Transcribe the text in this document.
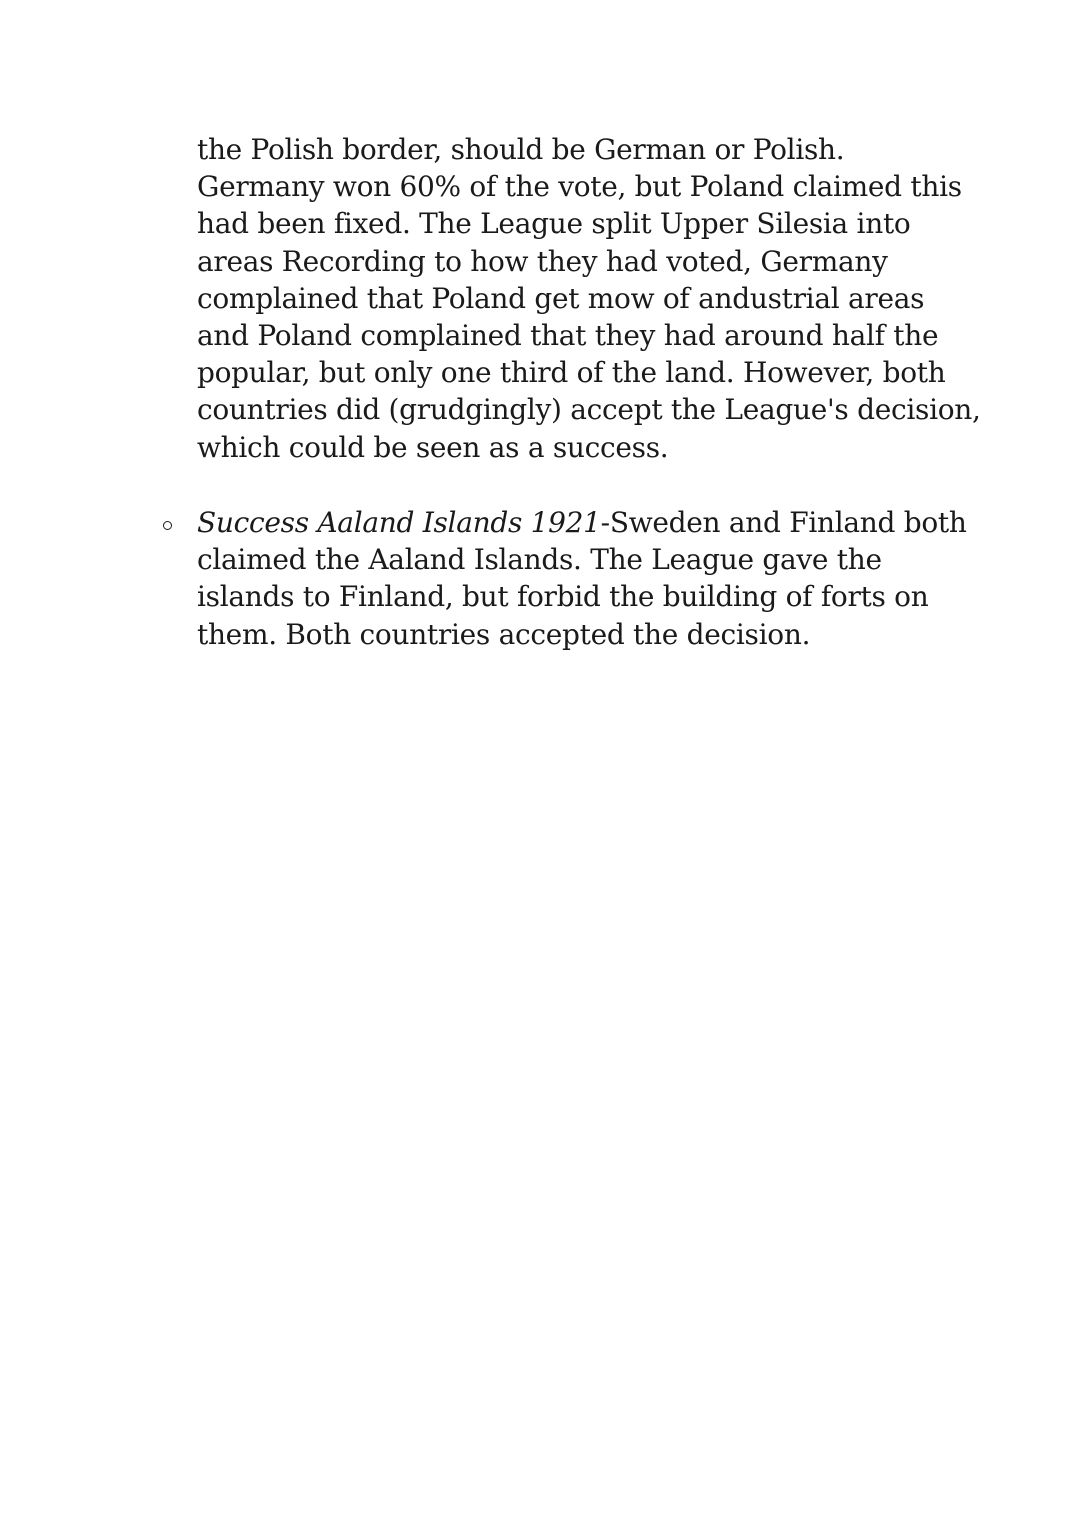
the Polish border, should be German or Polish.
Germany won 60% of the vote, but Poland claimed this
had been fixed. The League split Upper Silesia into
areas Recording to how they had voted, Germany
complained that Poland get mow of andustrial areas
and Poland complained that they had around half the
popular, but only one third of the land. However, both
countries did (grudgingly) accept the League's decision,
which could be seen as a success.
Success Aaland Islands 1921-Sweden and Finland both
claimed the Aaland Islands. The League gave the
islands to Finland, but forbid the building of forts on
them. Both countries accepted the decision.
